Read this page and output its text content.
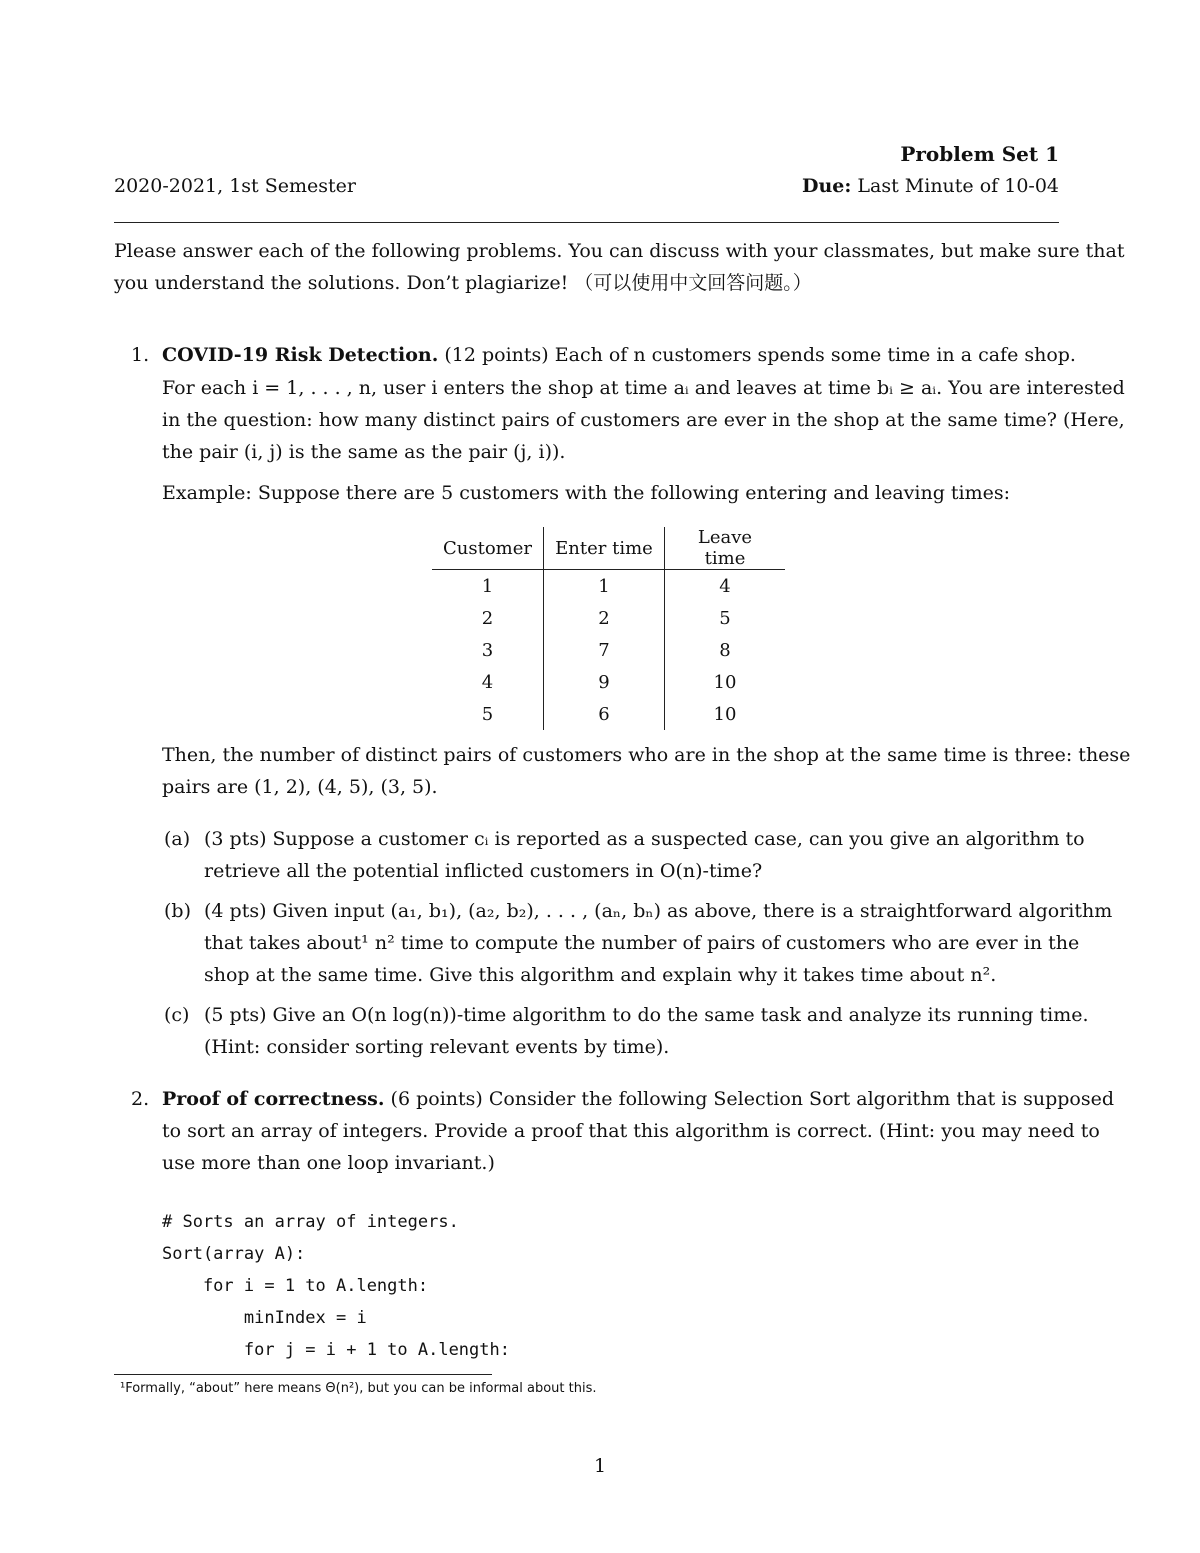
Problem Set 1
2020-2021, 1st Semester	Due: Last Minute of 10-04
Please answer each of the following problems. You can discuss with your classmates, but make sure that
you understand the solutions. Don’t plagiarize! （可以使用中文回答问题。）
1. COVID-19 Risk Detection. (12 points) Each of n customers spends some time in a cafe shop.
For each i = 1, . . . , n, user i enters the shop at time aᵢ and leaves at time bᵢ ≥ aᵢ. You are interested
in the question: how many distinct pairs of customers are ever in the shop at the same time? (Here,
the pair (i, j) is the same as the pair (j, i)).
Example: Suppose there are 5 customers with the following entering and leaving times:
Customer	Enter time	Leave time
1	1	4
2	2	5
3	7	8
4	9	10
5	6	10
Then, the number of distinct pairs of customers who are in the shop at the same time is three: these
pairs are (1, 2), (4, 5), (3, 5).
(a) (3 pts) Suppose a customer cᵢ is reported as a suspected case, can you give an algorithm to
retrieve all the potential inflicted customers in O(n)-time?
(b) (4 pts) Given input (a₁, b₁), (a₂, b₂), . . . , (aₙ, bₙ) as above, there is a straightforward algorithm
that takes about¹ n² time to compute the number of pairs of customers who are ever in the
shop at the same time. Give this algorithm and explain why it takes time about n².
(c) (5 pts) Give an O(n log(n))-time algorithm to do the same task and analyze its running time.
(Hint: consider sorting relevant events by time).
2. Proof of correctness. (6 points) Consider the following Selection Sort algorithm that is supposed
to sort an array of integers. Provide a proof that this algorithm is correct. (Hint: you may need to
use more than one loop invariant.)
# Sorts an array of integers.
Sort(array A):
for i = 1 to A.length:
minIndex = i
for j = i + 1 to A.length:
¹Formally, “about” here means Θ(n²), but you can be informal about this.
1
